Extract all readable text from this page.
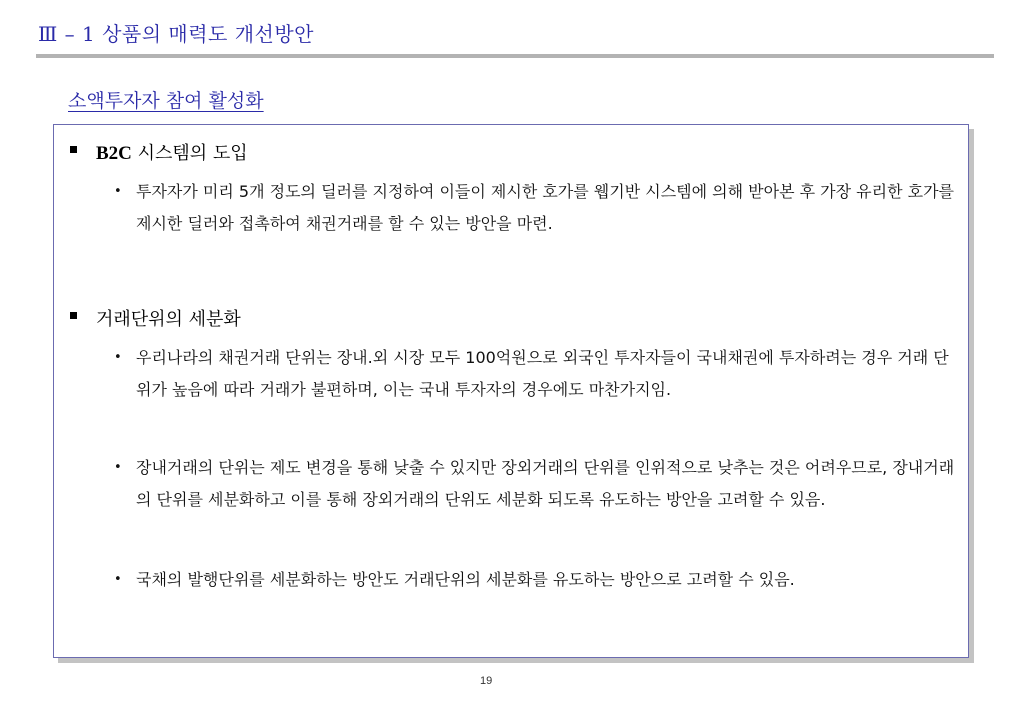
Ⅲ – 1 상품의 매력도 개선방안
소액투자자 참여 활성화
B2C 시스템의 도입
• 투자자가 미리 5개 정도의 딜러를 지정하여 이들이 제시한 호가를 웹기반 시스템에 의해 받아본 후 가장 유리한 호가를 제시한 딜러와 접촉하여 채권거래를 할 수 있는 방안을 마련.
거래단위의 세분화
• 우리나라의 채권거래 단위는 장내.외 시장 모두 100억원으로 외국인 투자자들이 국내채권에 투자하려는 경우 거래 단위가 높음에 따라 거래가 불편하며, 이는 국내 투자자의 경우에도 마찬가지임.
• 장내거래의 단위는 제도 변경을 통해 낮출 수 있지만 장외거래의 단위를 인위적으로 낮추는 것은 어려우므로, 장내거래의 단위를 세분화하고 이를 통해 장외거래의 단위도 세분화 되도록 유도하는 방안을 고려할 수 있음.
• 국채의 발행단위를 세분화하는 방안도 거래단위의 세분화를 유도하는 방안으로 고려할 수 있음.
19
